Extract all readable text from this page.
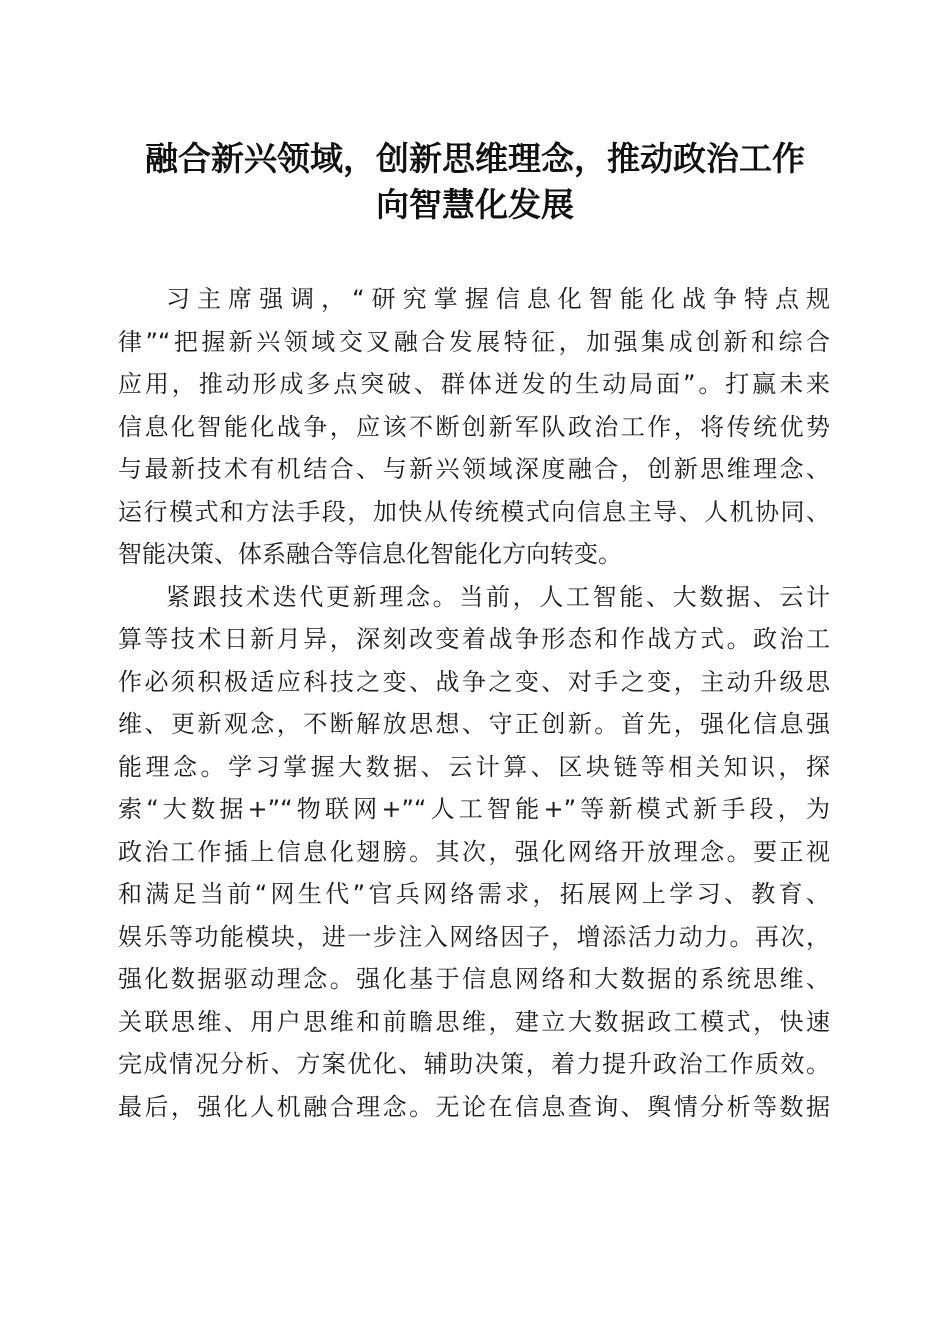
融合新兴领域，创新思维理念，推动政治工作
向智慧化发展
习主席强调，“研究掌握信息化智能化战争特点规
律”“把握新兴领域交叉融合发展特征，加强集成创新和综合
应用，推动形成多点突破、群体迸发的生动局面”。打赢未来
信息化智能化战争，应该不断创新军队政治工作，将传统优势
与最新技术有机结合、与新兴领域深度融合，创新思维理念、
运行模式和方法手段，加快从传统模式向信息主导、人机协同、
智能决策、体系融合等信息化智能化方向转变。
紧跟技术迭代更新理念。当前，人工智能、大数据、云计
算等技术日新月异，深刻改变着战争形态和作战方式。政治工
作必须积极适应科技之变、战争之变、对手之变，主动升级思
维、更新观念，不断解放思想、守正创新。首先，强化信息强
能理念。学习掌握大数据、云计算、区块链等相关知识，探
索“大数据+”“物联网+”“人工智能+”等新模式新手段，为
政治工作插上信息化翅膀。其次，强化网络开放理念。要正视
和满足当前“网生代”官兵网络需求，拓展网上学习、教育、
娱乐等功能模块，进一步注入网络因子，增添活力动力。再次，
强化数据驱动理念。强化基于信息网络和大数据的系统思维、
关联思维、用户思维和前瞻思维，建立大数据政工模式，快速
完成情况分析、方案优化、辅助决策，着力提升政治工作质效。
最后，强化人机融合理念。无论在信息查询、舆情分析等数据
